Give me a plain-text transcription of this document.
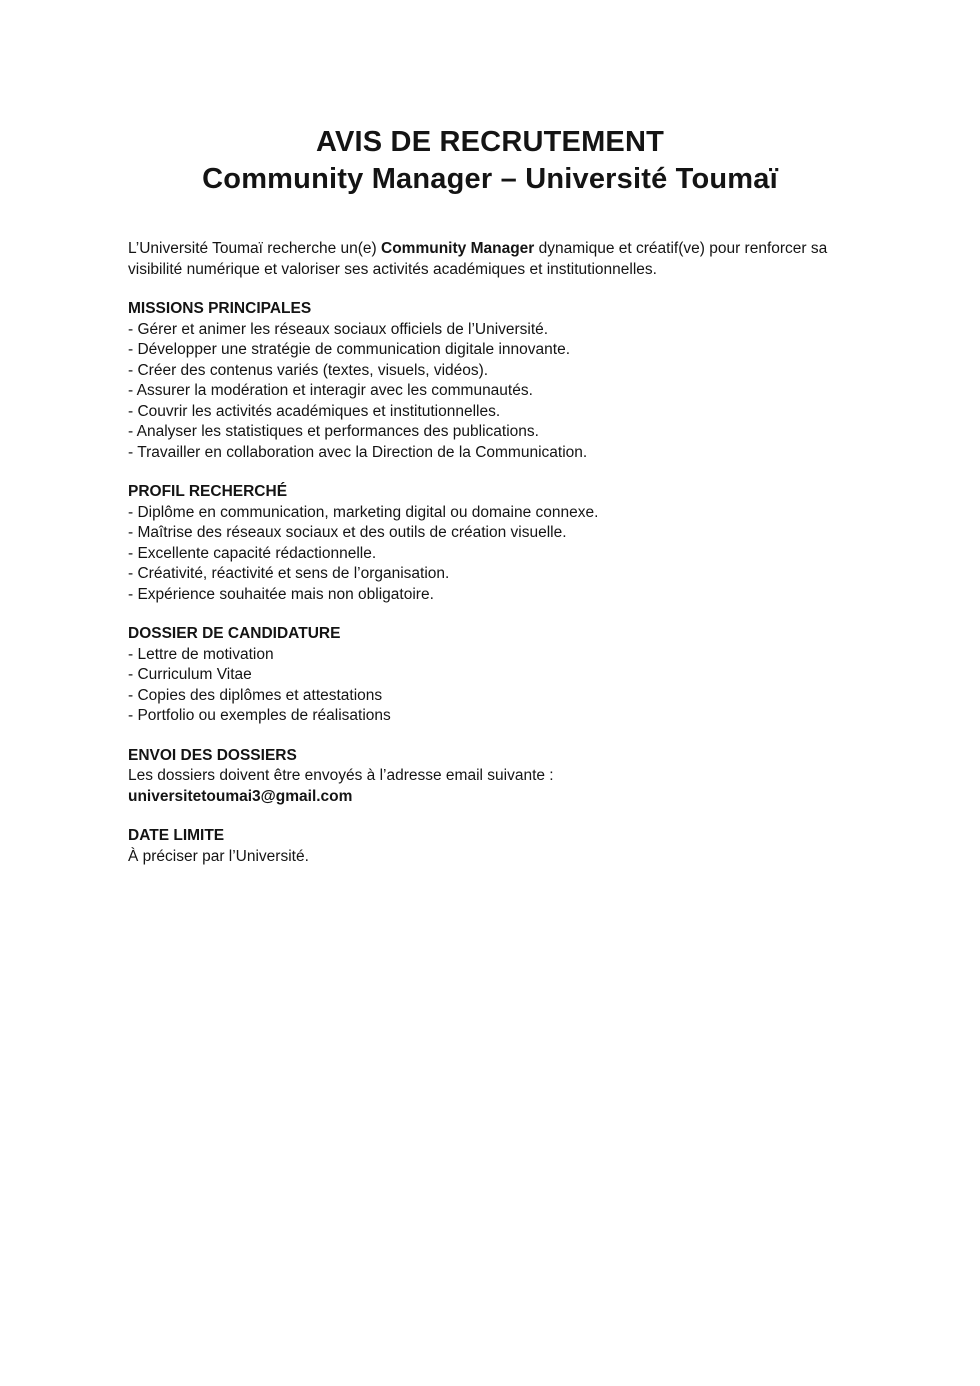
AVIS DE RECRUTEMENT
Community Manager – Université Toumaï

L’Université Toumaï recherche un(e) Community Manager dynamique et créatif(ve) pour renforcer sa visibilité numérique et valoriser ses activités académiques et institutionnelles.

MISSIONS PRINCIPALES
- Gérer et animer les réseaux sociaux officiels de l’Université.
- Développer une stratégie de communication digitale innovante.
- Créer des contenus variés (textes, visuels, vidéos).
- Assurer la modération et interagir avec les communautés.
- Couvrir les activités académiques et institutionnelles.
- Analyser les statistiques et performances des publications.
- Travailler en collaboration avec la Direction de la Communication.
PROFIL RECHERCHÉ
- Diplôme en communication, marketing digital ou domaine connexe.
- Maîtrise des réseaux sociaux et des outils de création visuelle.
- Excellente capacité rédactionnelle.
- Créativité, réactivité et sens de l’organisation.
- Expérience souhaitée mais non obligatoire.
DOSSIER DE CANDIDATURE
- Lettre de motivation
- Curriculum Vitae
- Copies des diplômes et attestations
- Portfolio ou exemples de réalisations
ENVOI DES DOSSIERS
Les dossiers doivent être envoyés à l’adresse email suivante :
universitetoumai3@gmail.com
DATE LIMITE
À préciser par l’Université.
